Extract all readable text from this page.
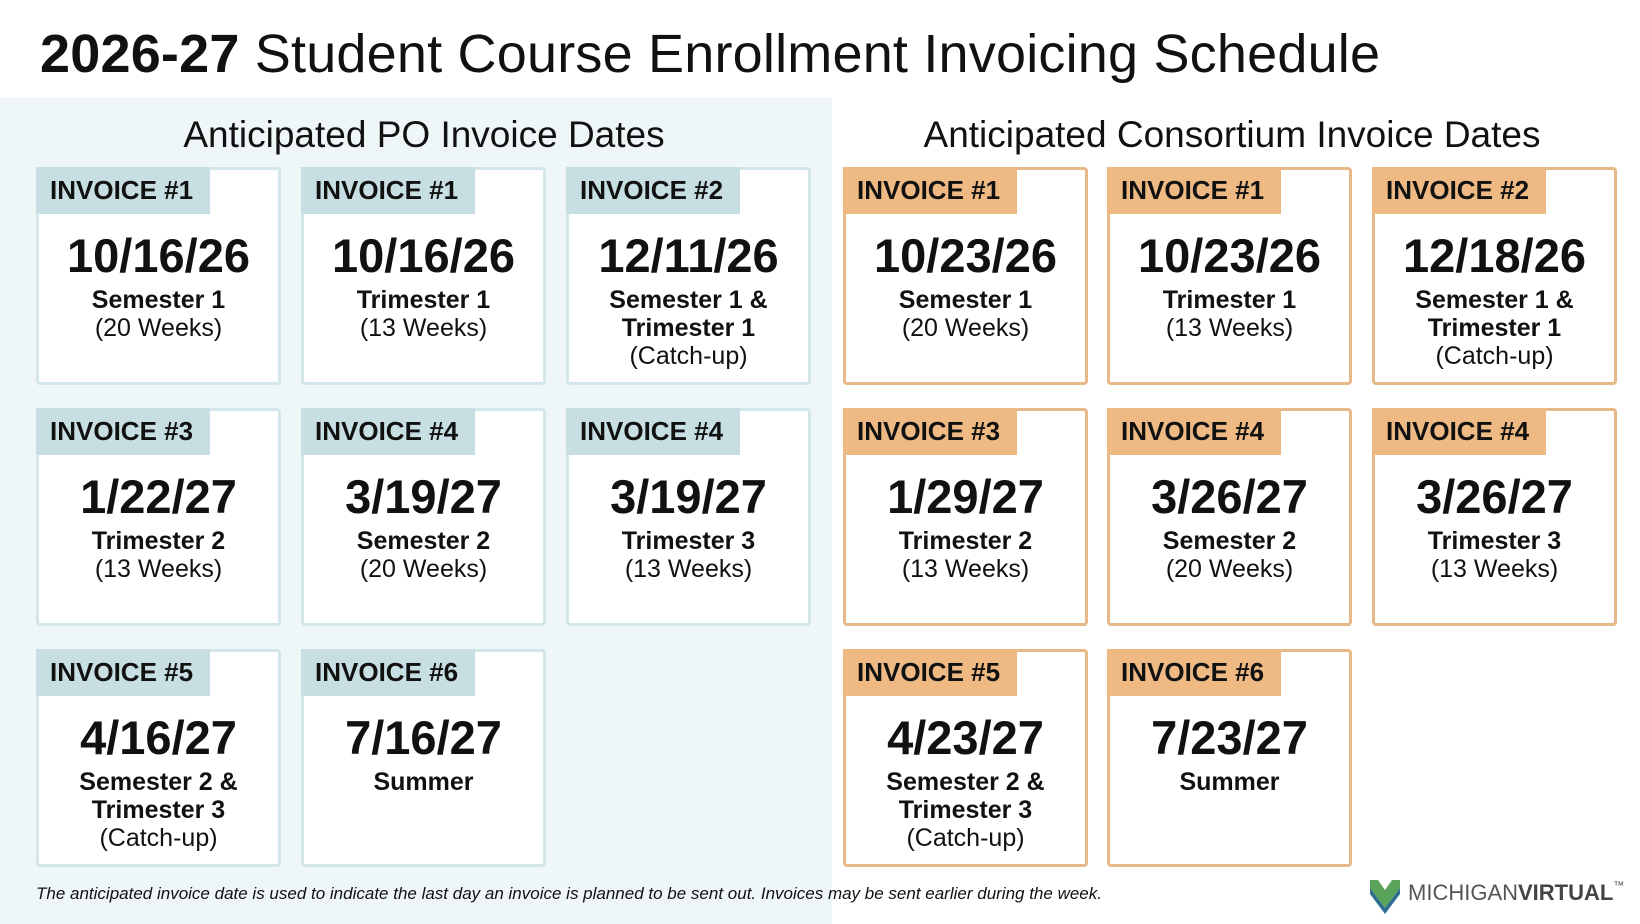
2026-27 Student Course Enrollment Invoicing Schedule
Anticipated PO Invoice Dates	Anticipated Consortium Invoice Dates
INVOICE #1
10/16/26
Semester 1
(20 Weeks)
INVOICE #1
10/16/26
Trimester 1
(13 Weeks)
INVOICE #2
12/11/26
Semester 1 & Trimester 1
(Catch-up)
INVOICE #3
1/22/27
Trimester 2
(13 Weeks)
INVOICE #4
3/19/27
Semester 2
(20 Weeks)
INVOICE #4
3/19/27
Trimester 3
(13 Weeks)
INVOICE #5
4/16/27
Semester 2 & Trimester 3
(Catch-up)
INVOICE #6
7/16/27
Summer
INVOICE #1
10/23/26
Semester 1
(20 Weeks)
INVOICE #1
10/23/26
Trimester 1
(13 Weeks)
INVOICE #2
12/18/26
Semester 1 & Trimester 1
(Catch-up)
INVOICE #3
1/29/27
Trimester 2
(13 Weeks)
INVOICE #4
3/26/27
Semester 2
(20 Weeks)
INVOICE #4
3/26/27
Trimester 3
(13 Weeks)
INVOICE #5
4/23/27
Semester 2 & Trimester 3
(Catch-up)
INVOICE #6
7/23/27
Summer
The anticipated invoice date is used to indicate the last day an invoice is planned to be sent out. Invoices may be sent earlier during the week.	MICHIGANVIRTUAL™
